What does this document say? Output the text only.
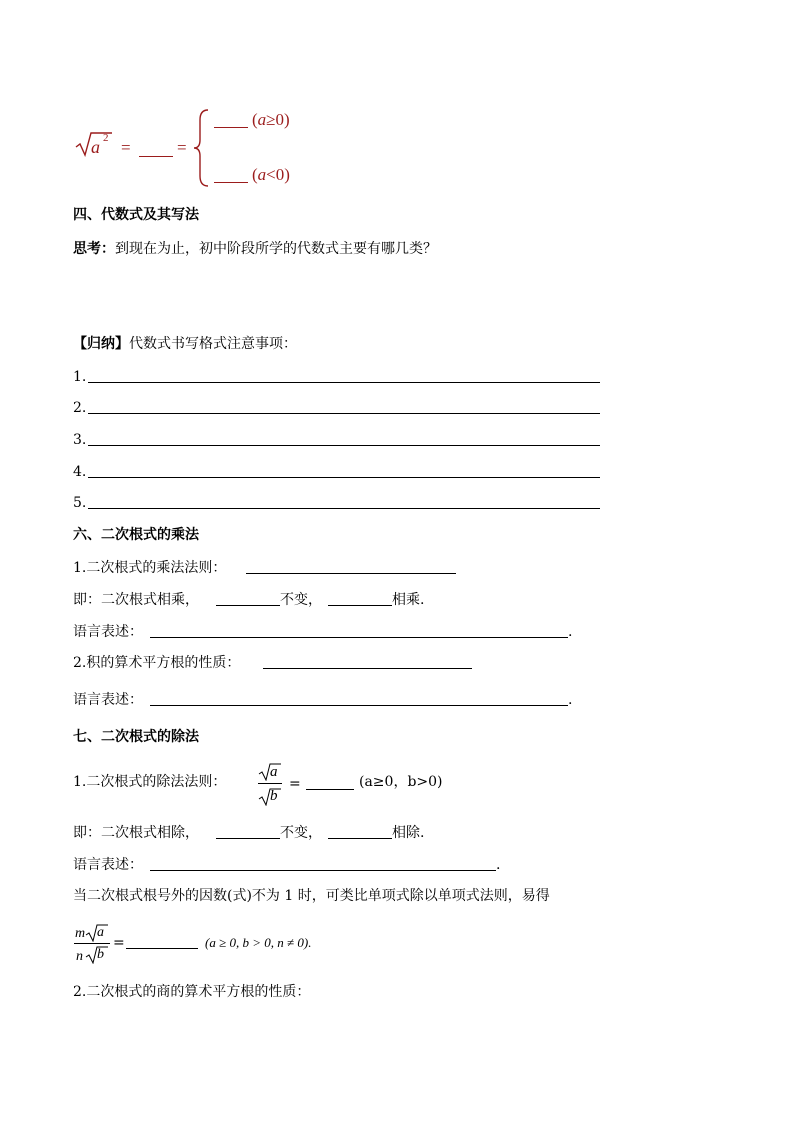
a 2 =	=
(a≥0)
(a<0)
四、代数式及其写法
思考：到现在为止，初中阶段所学的代数式主要有哪几类？
【归纳】代数式书写格式注意事项：
1.
2.
3.
4.
5.
六、二次根式的乘法
1.二次根式的乘法法则：
即：二次根式相乘，	不变，	相乘.
语言表述：	.
2.积的算术平方根的性质：
语言表述：	.
七、二次根式的除法
1.二次根式的除法法则：
a
b
=	(a≥0，b>0)
即：二次根式相除，	不变，	相除.
语言表述：	.
当二次根式根号外的因数(式)不为 1 时，可类比单项式除以单项式法则，易得
m a
n b
=	(a ≥ 0, b > 0, n ≠ 0).
2.二次根式的商的算术平方根的性质：
